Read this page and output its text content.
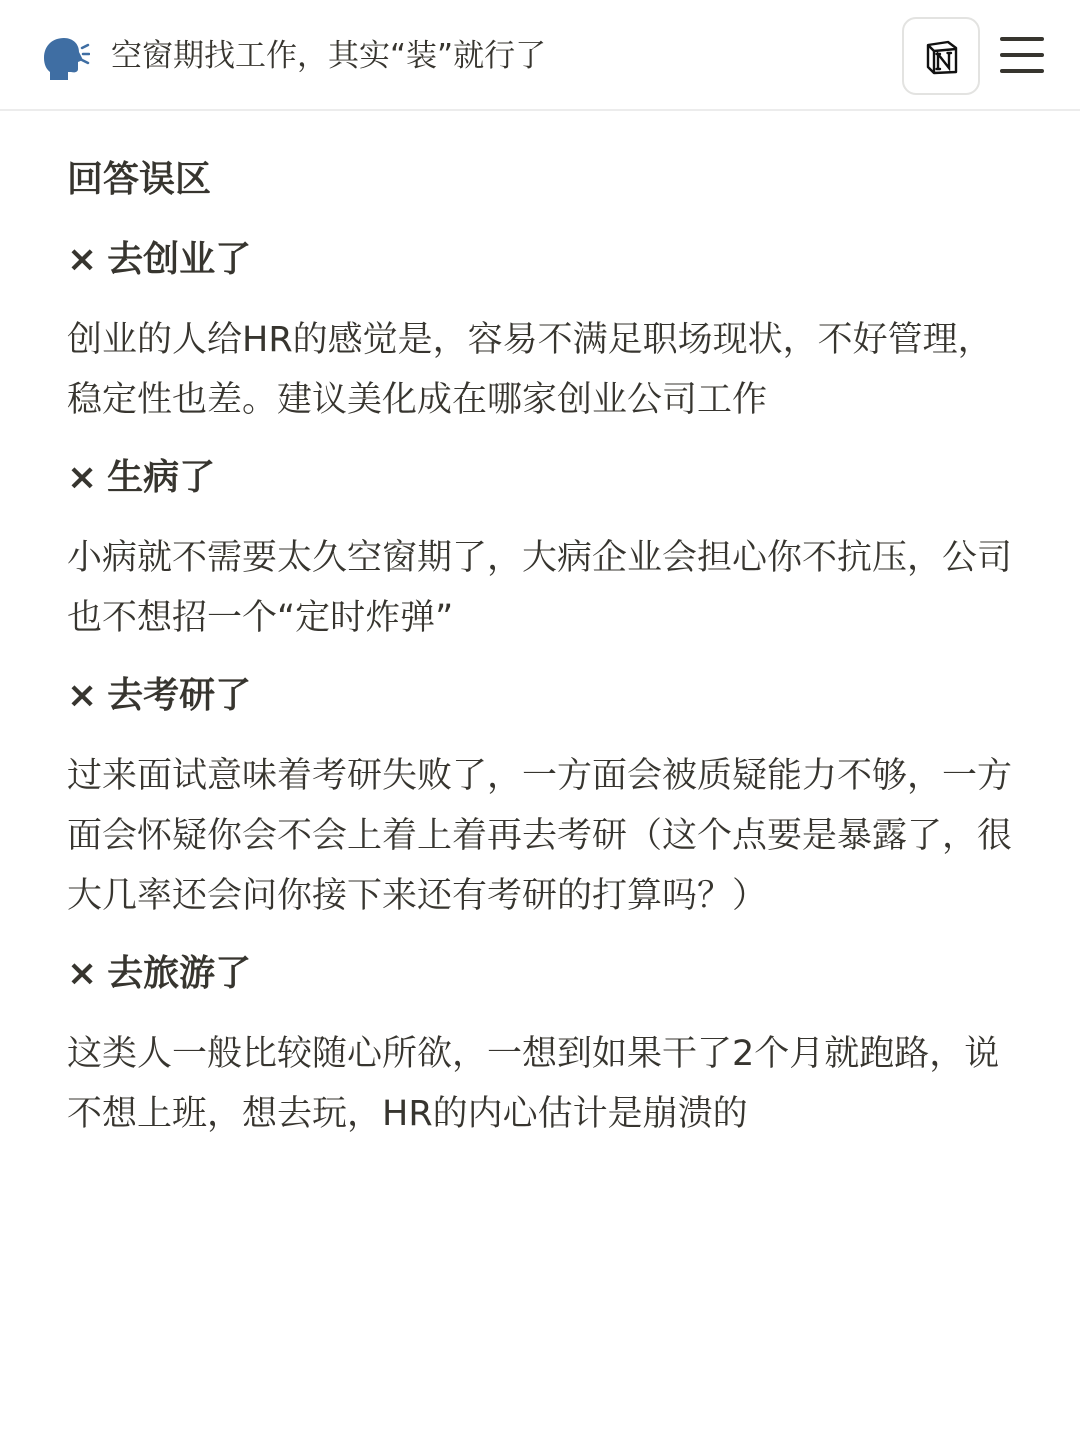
空窗期找工作，其实“装”就行了
回答误区
× 去创业了

创业的人给HR的感觉是，容易不满足职场现状，不好管理，稳定性也差。建议美化成在哪家创业公司工作

× 生病了

小病就不需要太久空窗期了，大病企业会担心你不抗压，公司也不想招一个“定时炸弹”

× 去考研了

过来面试意味着考研失败了，一方面会被质疑能力不够，一方面会怀疑你会不会上着上着再去考研（这个点要是暴露了，很大几率还会问你接下来还有考研的打算吗？）

× 去旅游了

这类人一般比较随心所欲，一想到如果干了2个月就跑路，说不想上班，想去玩，HR的内心估计是崩溃的
